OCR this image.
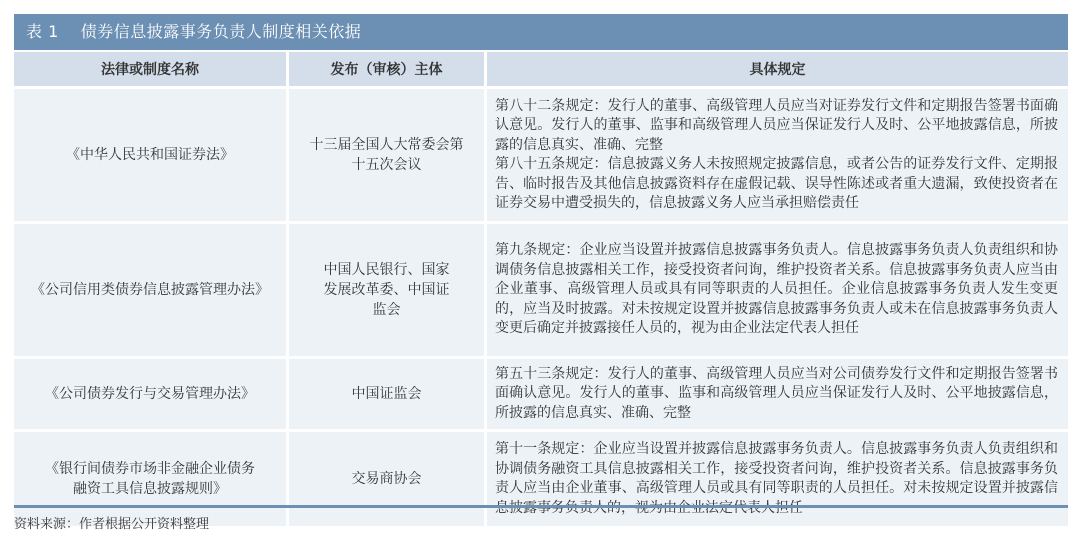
表 1 债券信息披露事务负责人制度相关依据
法律或制度名称	发布（审核）主体	具体规定
《中华人民共和国证券法》	十三届全国人大常委会第十五次会议	第八十二条规定：发行人的董事、高级管理人员应当对证券发行文件和定期报告签署书面确认意见。发行人的董事、监事和高级管理人员应当保证发行人及时、公平地披露信息，所披露的信息真实、准确、完整

第八十五条规定：信息披露义务人未按照规定披露信息，或者公告的证券发行文件、定期报告、临时报告及其他信息披露资料存在虚假记载、误导性陈述或者重大遗漏，致使投资者在证券交易中遭受损失的，信息披露义务人应当承担赔偿责任

《公司信用类债券信息披露管理办法》	中国人民银行、国家发展改革委、中国证监会	第九条规定：企业应当设置并披露信息披露事务负责人。信息披露事务负责人负责组织和协调债务信息披露相关工作，接受投资者问询，维护投资者关系。信息披露事务负责人应当由企业董事、高级管理人员或具有同等职责的人员担任。企业信息披露事务负责人发生变更的，应当及时披露。对未按规定设置并披露信息披露事务负责人或未在信息披露事务负责人变更后确定并披露接任人员的，视为由企业法定代表人担任

《公司债券发行与交易管理办法》	中国证监会	第五十三条规定：发行人的董事、高级管理人员应当对公司债券发行文件和定期报告签署书面确认意见。发行人的董事、监事和高级管理人员应当保证发行人及时、公平地披露信息，所披露的信息真实、准确、完整

《银行间债券市场非金融企业债务融资工具信息披露规则》	交易商协会	第十一条规定：企业应当设置并披露信息披露事务负责人。信息披露事务负责人负责组织和协调债务融资工具信息披露相关工作，接受投资者问询，维护投资者关系。信息披露事务负责人应当由企业董事、高级管理人员或具有同等职责的人员担任。对未按规定设置并披露信

资料来源：作者根据公开资料整理
